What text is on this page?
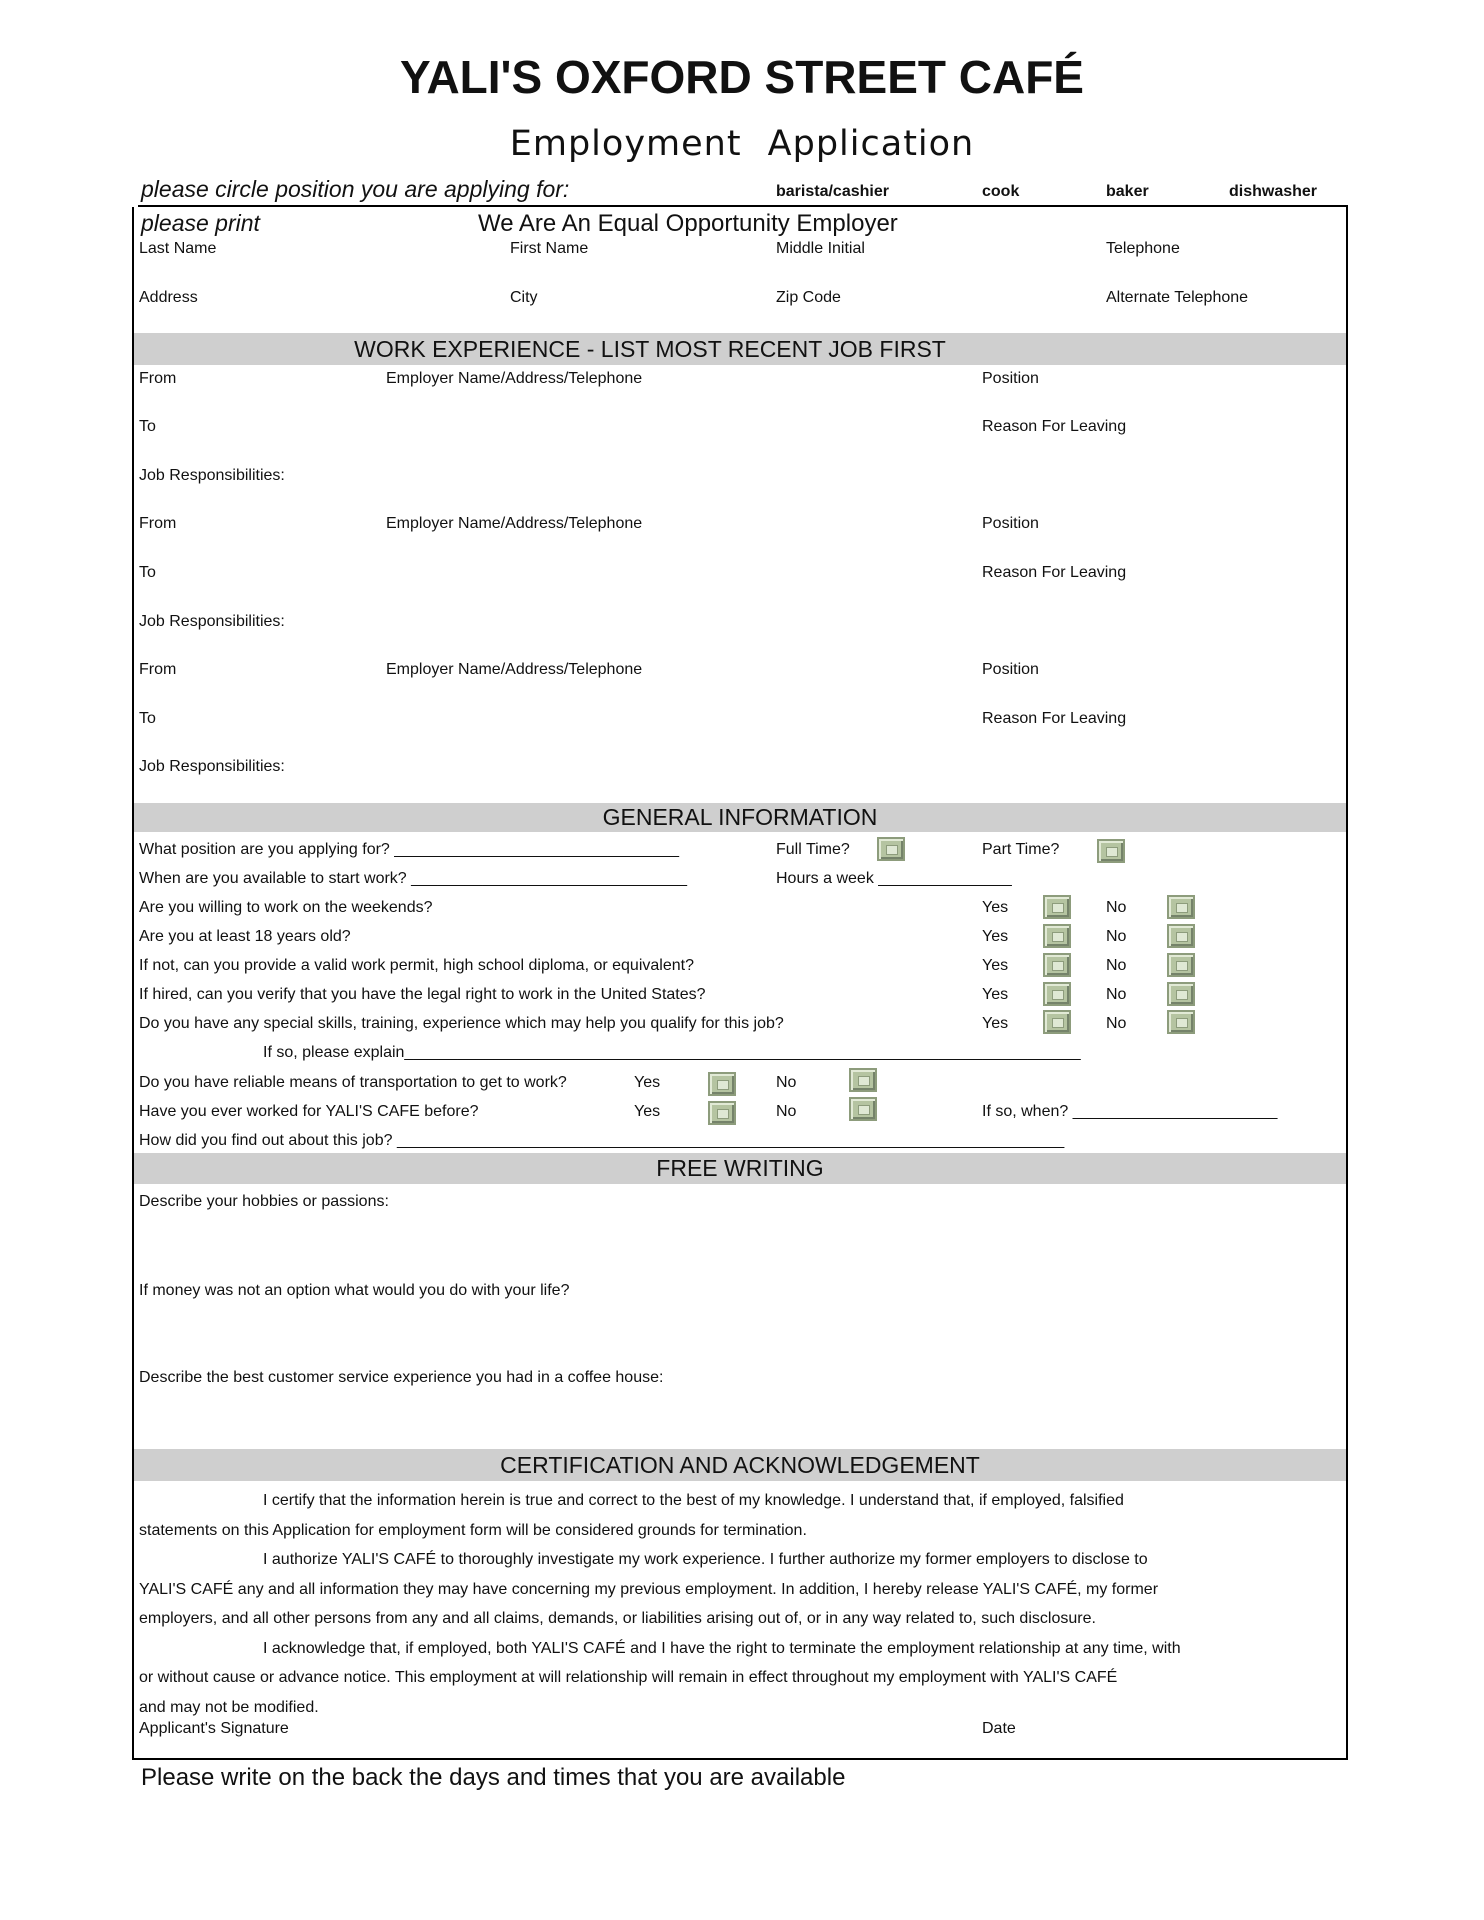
YALI'S OXFORD STREET CAFÉ
Employment Application
please circle position you are applying for:	barista/cashier	cook	baker	dishwasher
please print	We Are An Equal Opportunity Employer
Last Name	First Name	Middle Initial	Telephone
Address	City	Zip Code	Alternate Telephone
WORK EXPERIENCE - LIST MOST RECENT JOB FIRST
From	Employer Name/Address/Telephone	Position
To	Reason For Leaving
Job Responsibilities:
From	Employer Name/Address/Telephone	Position
To	Reason For Leaving
Job Responsibilities:
From	Employer Name/Address/Telephone	Position
To	Reason For Leaving
Job Responsibilities:
GENERAL INFORMATION
What position are you applying for? ________________________________	Full Time?	Part Time?
When are you available to start work? _______________________________	Hours a week _______________
Are you willing to work on the weekends?	Yes	No
Are you at least 18 years old?	Yes	No
If not, can you provide a valid work permit, high school diploma, or equivalent?	Yes	No
If hired, can you verify that you have the legal right to work in the United States?	Yes	No
Do you have any special skills, training, experience which may help you qualify for this job?	Yes	No
If so, please explain____________________________________________________________________________
Do you have reliable means of transportation to get to work?	Yes	No
Have you ever worked for YALI'S CAFE before?	Yes	No	If so, when? _______________________
How did you find out about this job? ___________________________________________________________________________
FREE WRITING
Describe your hobbies or passions:
If money was not an option what would you do with your life?
Describe the best customer service experience you had in a coffee house:
CERTIFICATION AND ACKNOWLEDGEMENT

I certify that the information herein is true and correct to the best of my knowledge. I understand that, if employed, falsified

statements on this Application for employment form will be considered grounds for termination.

I authorize YALI'S CAFÉ to thoroughly investigate my work experience. I further authorize my former employers to disclose to

YALI'S CAFÉ any and all information they may have concerning my previous employment. In addition, I hereby release YALI'S CAFÉ, my former

employers, and all other persons from any and all claims, demands, or liabilities arising out of, or in any way related to, such disclosure.

I acknowledge that, if employed, both YALI'S CAFÉ and I have the right to terminate the employment relationship at any time, with

or without cause or advance notice. This employment at will relationship will remain in effect throughout my employment with YALI'S CAFÉ

and may not be modified.

Applicant's Signature	Date
Please write on the back the days and times that you are available
